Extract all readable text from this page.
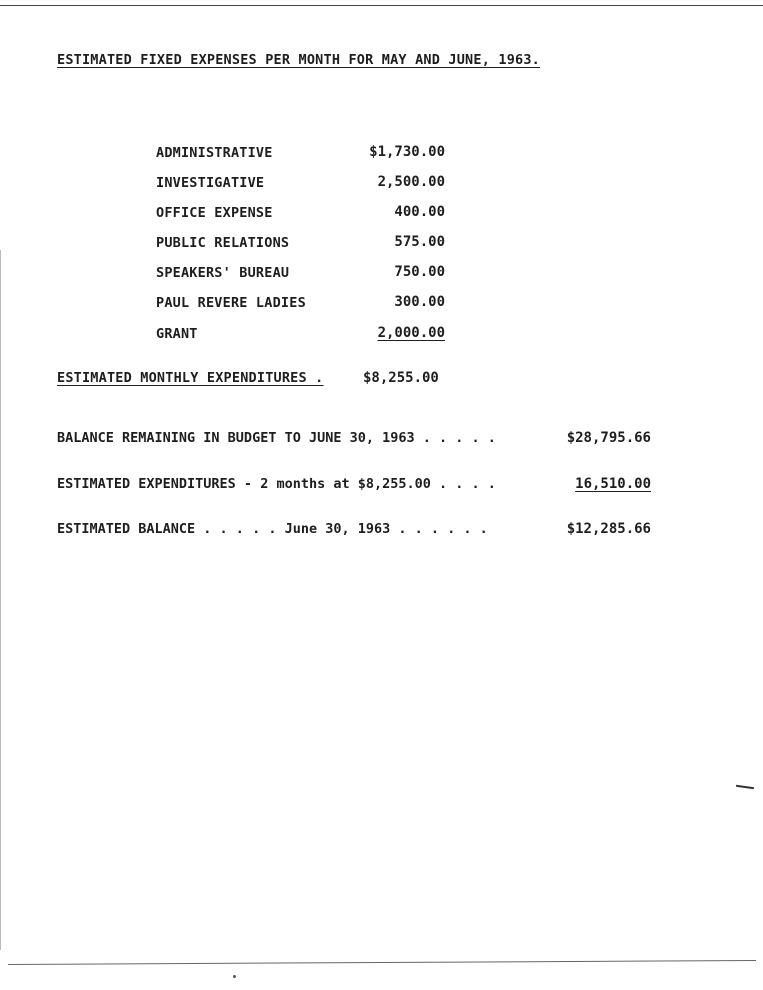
ESTIMATED FIXED EXPENSES PER MONTH FOR MAY AND JUNE, 1963.
ADMINISTRATIVE	$1,730.00
INVESTIGATIVE	2,500.00
OFFICE EXPENSE	400.00
PUBLIC RELATIONS	575.00
SPEAKERS' BUREAU	750.00
PAUL REVERE LADIES	300.00
GRANT	2,000.00
ESTIMATED MONTHLY EXPENDITURES .	$8,255.00
BALANCE REMAINING IN BUDGET TO JUNE 30, 1963 . . . . .	$28,795.66
ESTIMATED EXPENDITURES - 2 months at $8,255.00 . . . .	16,510.00
ESTIMATED BALANCE . . . . . June 30, 1963 . . . . . .	$12,285.66
